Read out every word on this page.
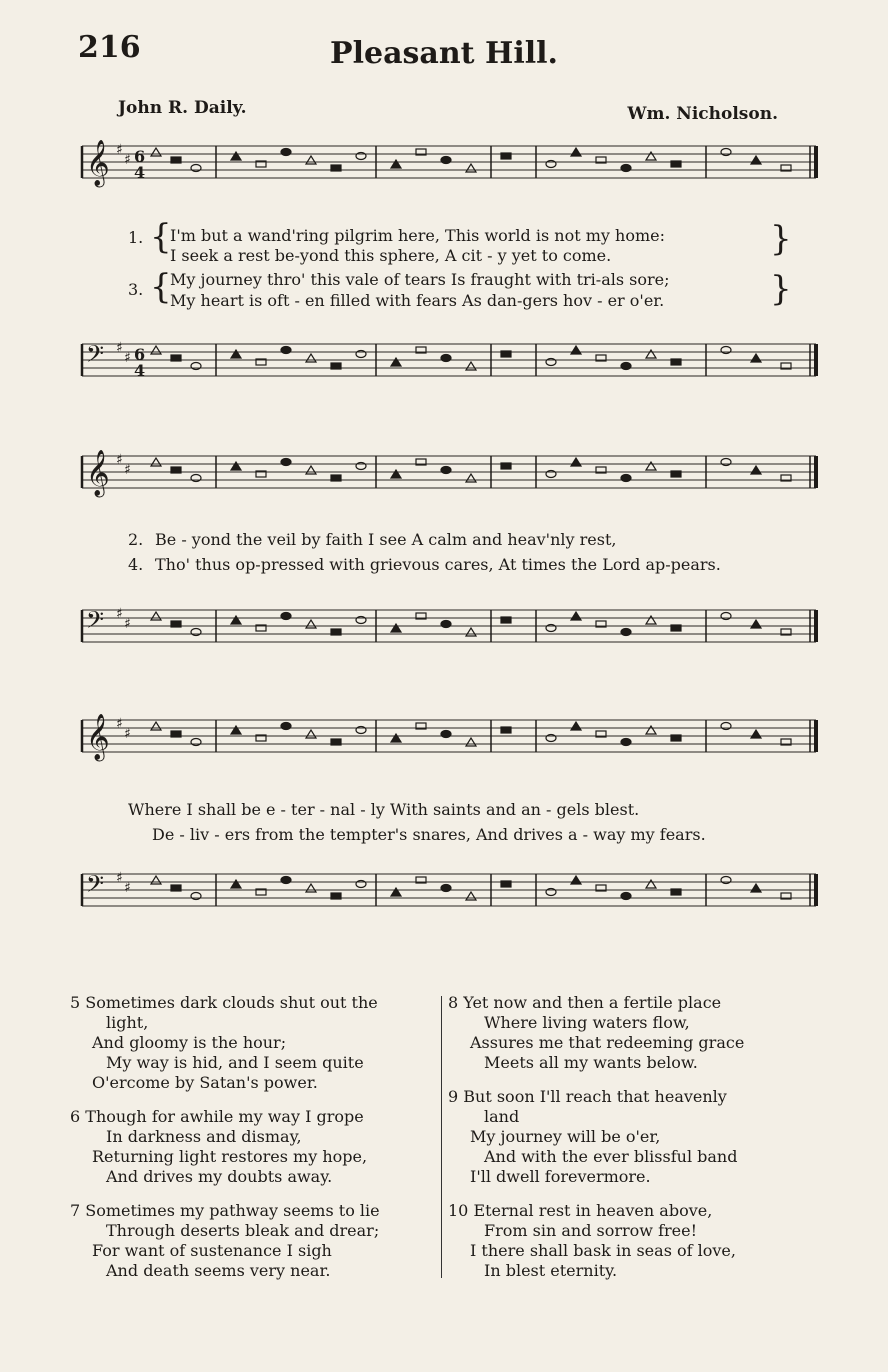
216	Pleasant Hill.
John R. Daily.	Wm. Nicholson.
𝄞 ♯
♯
𝄢 ♯
♯
6
4
6
4
1. {
I'm but a wand'ring pilgrim here, This world is not my home:
I seek a rest be-yond this sphere, A cit - y yet to come.	}
3. {
My journey thro' this vale of tears Is fraught with tri-als sore;
My heart is oft - en filled with fears As dan-gers hov - er o'er.	}
𝄞 ♯
♯
𝄢 ♯
♯
2. Be - yond the veil by faith I see A calm and heav'nly rest,
4. Tho' thus op-pressed with grievous cares, At times the Lord ap-pears.
𝄞 ♯
♯
𝄢 ♯
♯
Where I shall be e - ter - nal - ly With saints and an - gels blest.
De - liv - ers from the tempter's snares, And drives a - way my fears.
5 Sometimes dark clouds shut out the
light,
And gloomy is the hour;
My way is hid, and I seem quite
O'ercome by Satan's power.
6 Though for awhile my way I grope
In darkness and dismay,
Returning light restores my hope,
And drives my doubts away.
7 Sometimes my pathway seems to lie
Through deserts bleak and drear;
For want of sustenance I sigh
And death seems very near.
8 Yet now and then a fertile place
Where living waters flow,
Assures me that redeeming grace
Meets all my wants below.
9 But soon I'll reach that heavenly
land
My journey will be o'er,
And with the ever blissful band
I'll dwell forevermore.
10 Eternal rest in heaven above,
From sin and sorrow free!
I there shall bask in seas of love,
In blest eternity.
